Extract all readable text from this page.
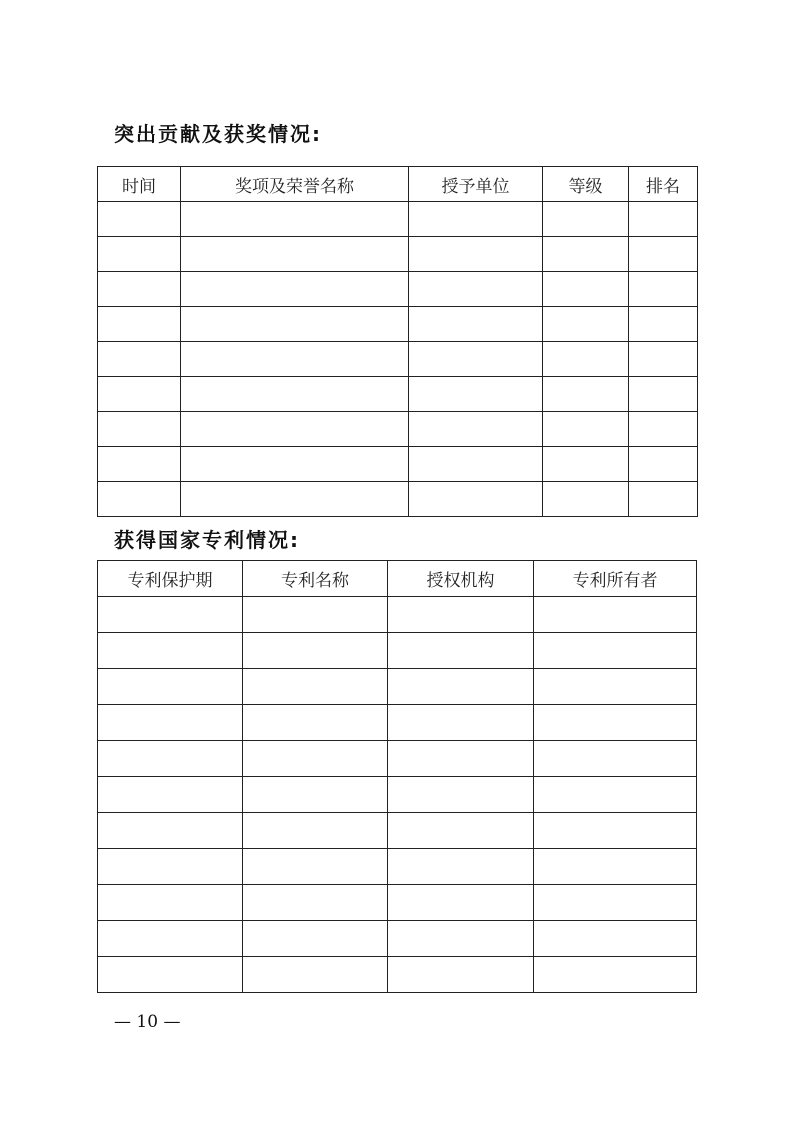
突出贡献及获奖情况:
时间	奖项及荣誉名称	授予单位	等级	排名

获得国家专利情况:
专利保护期	专利名称	授权机构	专利所有者

— 10 —
